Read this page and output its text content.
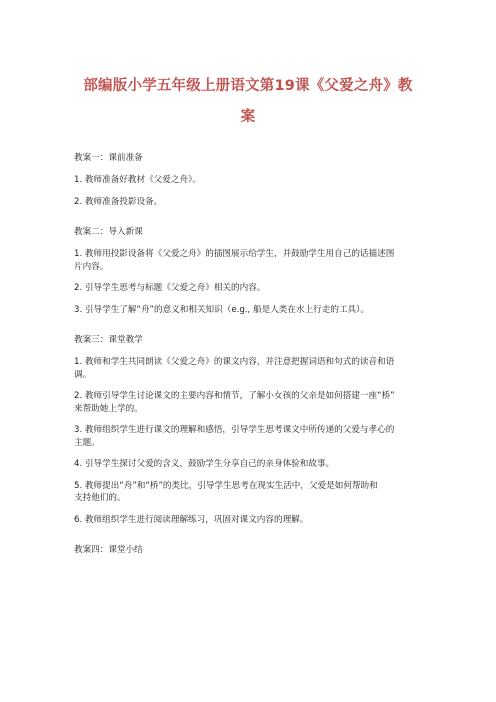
部编版小学五年级上册语文第19课《父爱之舟》教
案

教案一：课前准备

1. 教师准备好教材《父爱之舟》。

2. 教师准备投影设备。

教案二：导入新课

1. 教师用投影设备将《父爱之舟》的插图展示给学生，并鼓励学生用自己的话描述图
片内容。

2. 引导学生思考与标题《父爱之舟》相关的内容。

3. 引导学生了解“舟”的意义和相关知识（e.g., 船是人类在水上行走的工具）。

教案三：课堂教学

1. 教师和学生共同朗读《父爱之舟》的课文内容，并注意把握词语和句式的读音和语
调。

2. 教师引导学生讨论课文的主要内容和情节，了解小女孩的父亲是如何搭建一座“桥”
来帮助她上学的。

3. 教师组织学生进行课文的理解和感悟，引导学生思考课文中所传递的父爱与孝心的
主题。

4. 引导学生探讨父爱的含义，鼓励学生分享自己的亲身体验和故事。

5. 教师提出“舟”和“桥”的类比，引导学生思考在现实生活中，父爱是如何帮助和
支持他们的。

6. 教师组织学生进行阅读理解练习，巩固对课文内容的理解。

教案四：课堂小结
